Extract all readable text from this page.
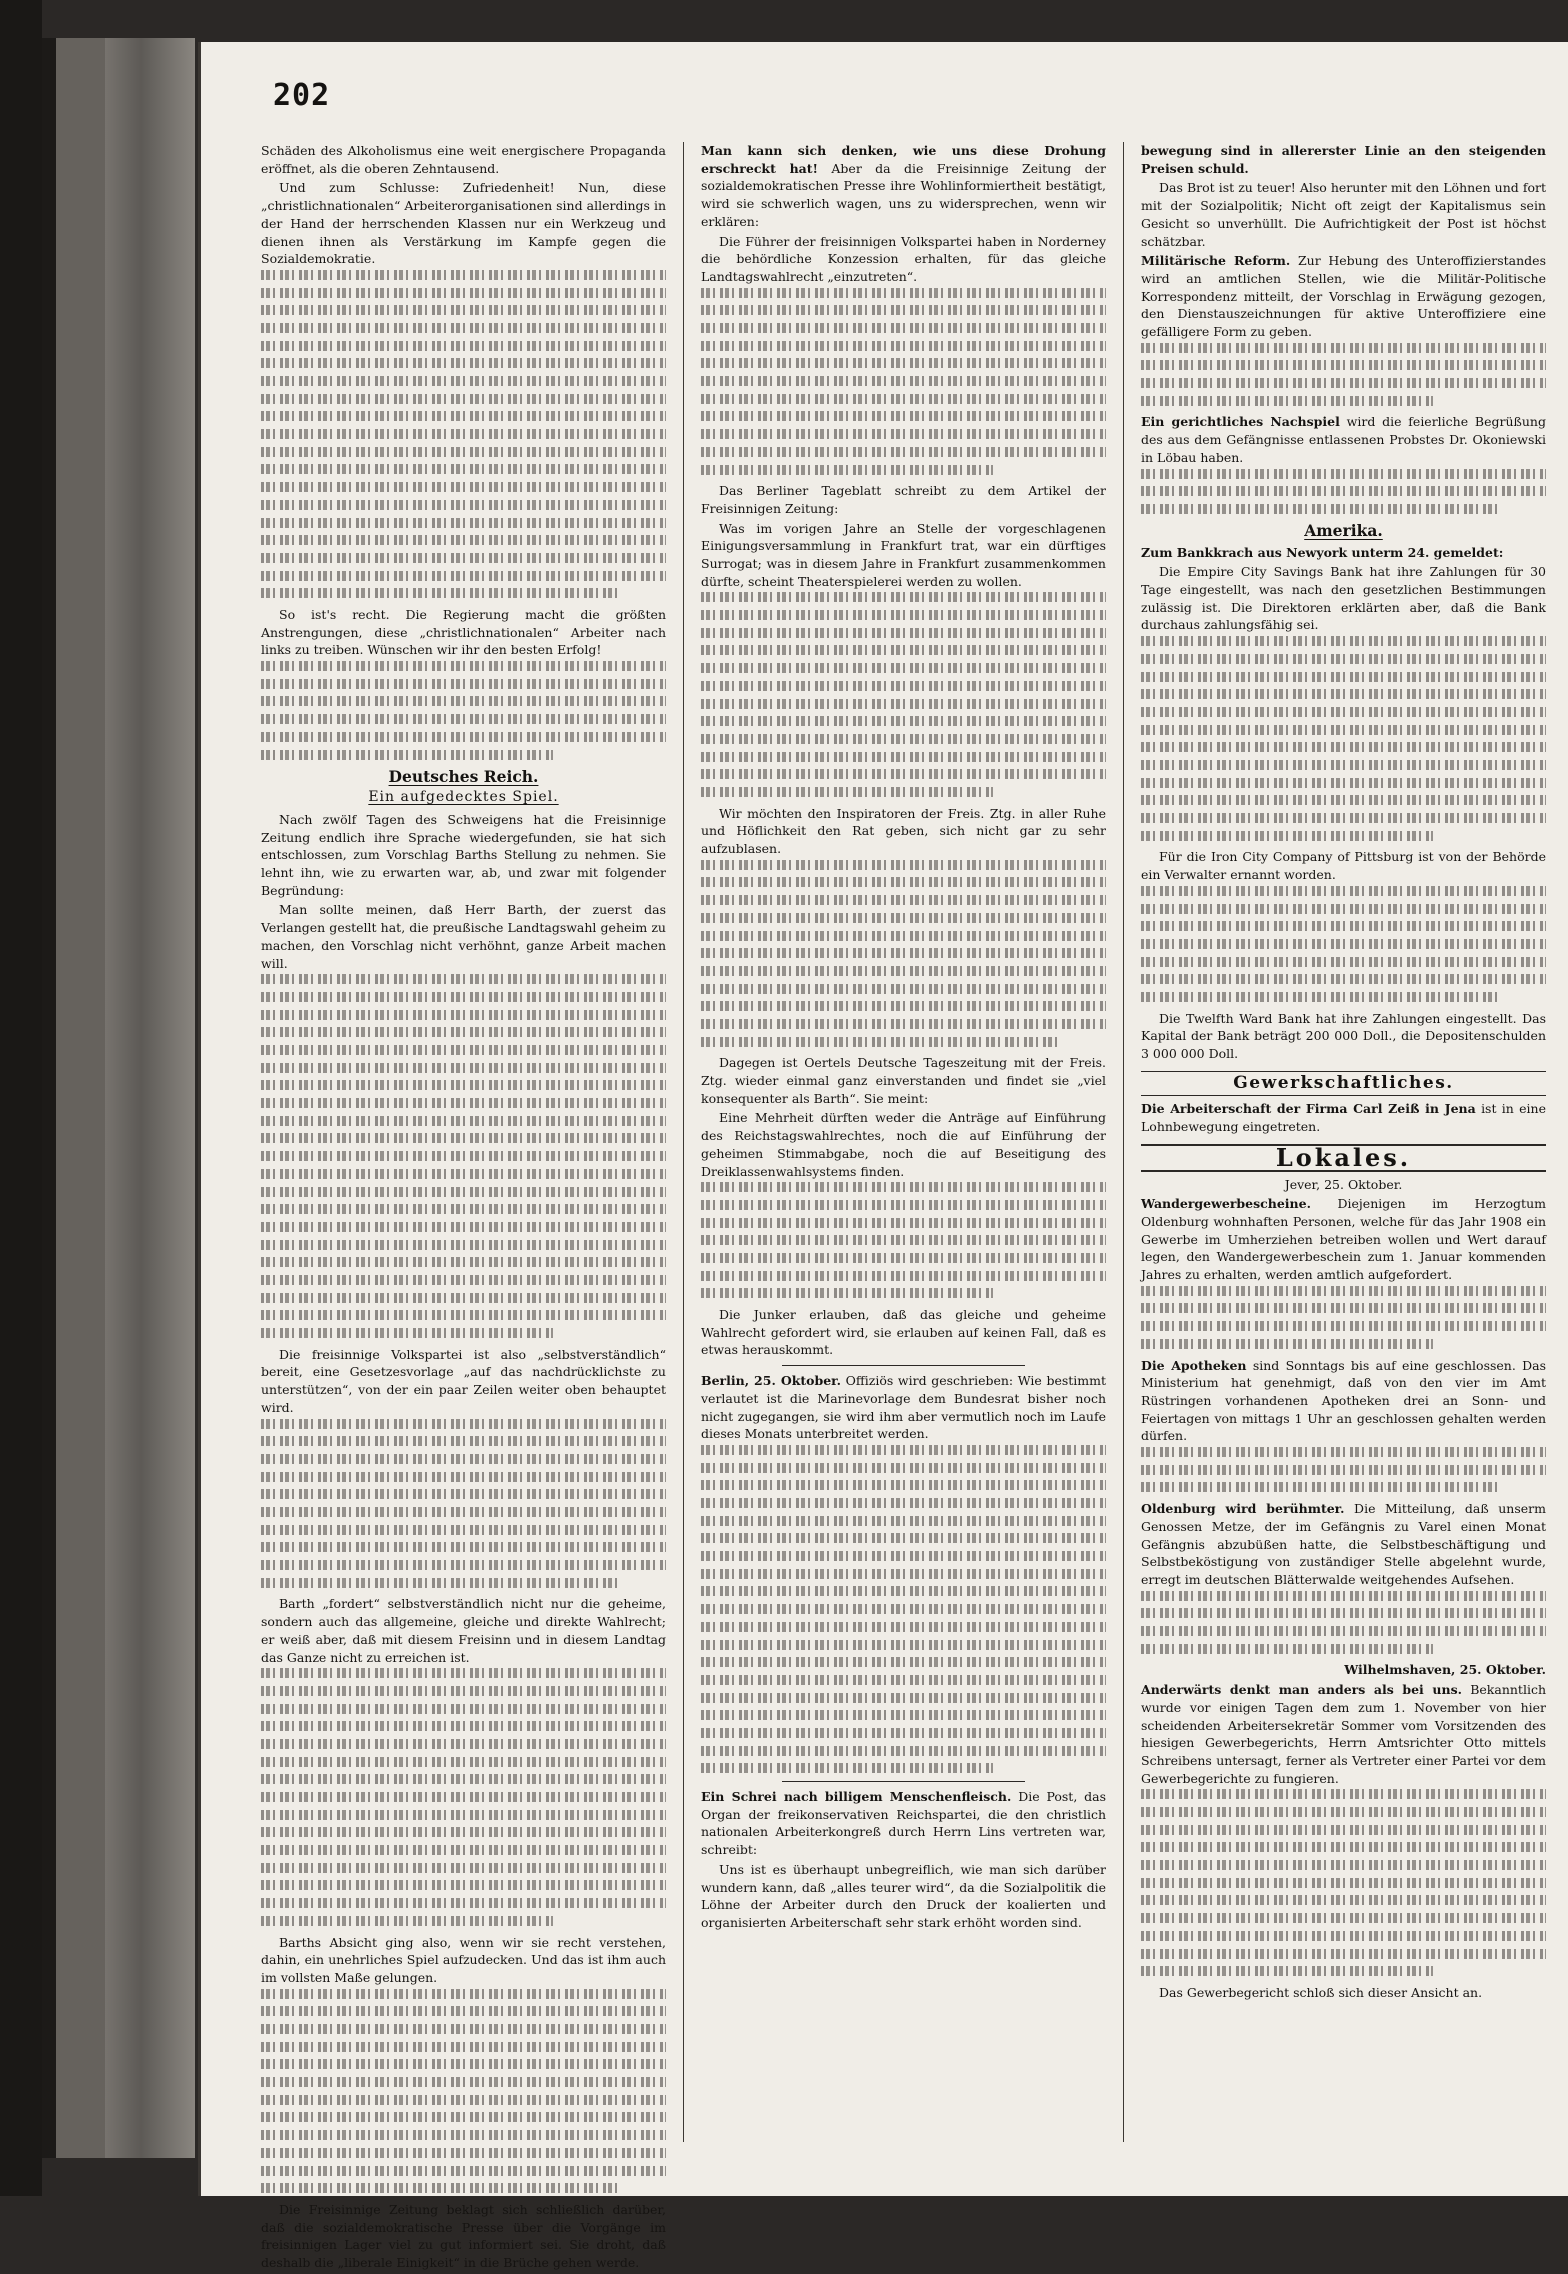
202

Schäden des Alkoholismus eine weit energischere Propaganda eröffnet, als die oberen Zehntausend.

Und zum Schlusse: Zufriedenheit! Nun, diese „christlichnationalen“ Arbeiterorganisationen sind allerdings in der Hand der herrschenden Klassen nur ein Werkzeug und dienen ihnen als Verstärkung im Kampfe gegen die Sozialdemokratie.

So ist's recht. Die Regierung macht die größten Anstrengungen, diese „christlichnationalen“ Arbeiter nach links zu treiben. Wünschen wir ihr den besten Erfolg!

Deutsches Reich.
Ein aufgedecktes Spiel.

Nach zwölf Tagen des Schweigens hat die Freisinnige Zeitung endlich ihre Sprache wiedergefunden, sie hat sich entschlossen, zum Vorschlag Barths Stellung zu nehmen. Sie lehnt ihn, wie zu erwarten war, ab, und zwar mit folgender Begründung:

Man sollte meinen, daß Herr Barth, der zuerst das Verlangen gestellt hat, die preußische Landtagswahl geheim zu machen, den Vorschlag nicht verhöhnt, ganze Arbeit machen will.

Die freisinnige Volkspartei ist also „selbstverständlich“ bereit, eine Gesetzesvorlage „auf das nachdrücklichste zu unterstützen“, von der ein paar Zeilen weiter oben behauptet wird.

Barth „fordert“ selbstverständlich nicht nur die geheime, sondern auch das allgemeine, gleiche und direkte Wahlrecht; er weiß aber, daß mit diesem Freisinn und in diesem Landtag das Ganze nicht zu erreichen ist.

Barths Absicht ging also, wenn wir sie recht verstehen, dahin, ein unehrliches Spiel aufzudecken. Und das ist ihm auch im vollsten Maße gelungen.

Die Freisinnige Zeitung beklagt sich schließlich darüber, daß die sozialdemokratische Presse über die Vorgänge im freisinnigen Lager viel zu gut informiert sei. Sie droht, daß deshalb die „liberale Einigkeit“ in die Brüche gehen werde.

Man kann sich denken, wie uns diese Drohung erschreckt hat! Aber da die Freisinnige Zeitung der sozialdemokratischen Presse ihre Wohlinformiertheit bestätigt, wird sie schwerlich wagen, uns zu widersprechen, wenn wir erklären:

Die Führer der freisinnigen Volkspartei haben in Norderney die behördliche Konzession erhalten, für das gleiche Landtagswahlrecht „einzutreten“.

Das Berliner Tageblatt schreibt zu dem Artikel der Freisinnigen Zeitung:

Was im vorigen Jahre an Stelle der vorgeschlagenen Einigungsversammlung in Frankfurt trat, war ein dürftiges Surrogat; was in diesem Jahre in Frankfurt zusammenkommen dürfte, scheint Theaterspielerei werden zu wollen.

Wir möchten den Inspiratoren der Freis. Ztg. in aller Ruhe und Höflichkeit den Rat geben, sich nicht gar zu sehr aufzublasen.

Dagegen ist Oertels Deutsche Tageszeitung mit der Freis. Ztg. wieder einmal ganz einverstanden und findet sie „viel konsequenter als Barth“. Sie meint:

Eine Mehrheit dürften weder die Anträge auf Einführung des Reichstagswahlrechtes, noch die auf Einführung der geheimen Stimmabgabe, noch die auf Beseitigung des Dreiklassenwahlsystems finden.

Die Junker erlauben, daß das gleiche und geheime Wahlrecht gefordert wird, sie erlauben auf keinen Fall, daß es etwas herauskommt.

Berlin, 25. Oktober. Offiziös wird geschrieben: Wie bestimmt verlautet ist die Marinevorlage dem Bundesrat bisher noch nicht zugegangen, sie wird ihm aber vermutlich noch im Laufe dieses Monats unterbreitet werden.

Ein Schrei nach billigem Menschenfleisch. Die Post, das Organ der freikonservativen Reichspartei, die den christlich nationalen Arbeiterkongreß durch Herrn Lins vertreten war, schreibt:

Uns ist es überhaupt unbegreiflich, wie man sich darüber wundern kann, daß „alles teurer wird“, da die Sozialpolitik die Löhne der Arbeiter durch den Druck der koalierten und organisierten Arbeiterschaft sehr stark erhöht worden sind.

bewegung sind in allererster Linie an den steigenden Preisen schuld.

Das Brot ist zu teuer! Also herunter mit den Löhnen und fort mit der Sozialpolitik; Nicht oft zeigt der Kapitalismus sein Gesicht so unverhüllt. Die Aufrichtigkeit der Post ist höchst schätzbar.

Militärische Reform. Zur Hebung des Unteroffizierstandes wird an amtlichen Stellen, wie die Militär-Politische Korrespondenz mitteilt, der Vorschlag in Erwägung gezogen, den Dienstauszeichnungen für aktive Unteroffiziere eine gefälligere Form zu geben.

Ein gerichtliches Nachspiel wird die feierliche Begrüßung des aus dem Gefängnisse entlassenen Probstes Dr. Okoniewski in Löbau haben.

Amerika.

Zum Bankkrach aus Newyork unterm 24. gemeldet:

Die Empire City Savings Bank hat ihre Zahlungen für 30 Tage eingestellt, was nach den gesetzlichen Bestimmungen zulässig ist. Die Direktoren erklärten aber, daß die Bank durchaus zahlungsfähig sei.

Für die Iron City Company of Pittsburg ist von der Behörde ein Verwalter ernannt worden.

Die Twelfth Ward Bank hat ihre Zahlungen eingestellt. Das Kapital der Bank beträgt 200 000 Doll., die Depositenschulden 3 000 000 Doll.

Gewerkschaftliches.

Die Arbeiterschaft der Firma Carl Zeiß in Jena ist in eine Lohnbewegung eingetreten.

Lokales.

Jever, 25. Oktober.

Wandergewerbescheine. Diejenigen im Herzogtum Oldenburg wohnhaften Personen, welche für das Jahr 1908 ein Gewerbe im Umherziehen betreiben wollen und Wert darauf legen, den Wandergewerbeschein zum 1. Januar kommenden Jahres zu erhalten, werden amtlich aufgefordert.

Die Apotheken sind Sonntags bis auf eine geschlossen. Das Ministerium hat genehmigt, daß von den vier im Amt Rüstringen vorhandenen Apotheken drei an Sonn- und Feiertagen von mittags 1 Uhr an geschlossen gehalten werden dürfen.

Oldenburg wird berühmter. Die Mitteilung, daß unserm Genossen Metze, der im Gefängnis zu Varel einen Monat Gefängnis abzubüßen hatte, die Selbstbeschäftigung und Selbstbeköstigung von zuständiger Stelle abgelehnt wurde, erregt im deutschen Blätterwalde weitgehendes Aufsehen.

Wilhelmshaven, 25. Oktober.

Anderwärts denkt man anders als bei uns. Bekanntlich wurde vor einigen Tagen dem zum 1. November von hier scheidenden Arbeitersekretär Sommer vom Vorsitzenden des hiesigen Gewerbegerichts, Herrn Amtsrichter Otto mittels Schreibens untersagt, ferner als Vertreter einer Partei vor dem Gewerbegerichte zu fungieren.

Das Gewerbegericht schloß sich dieser Ansicht an.
